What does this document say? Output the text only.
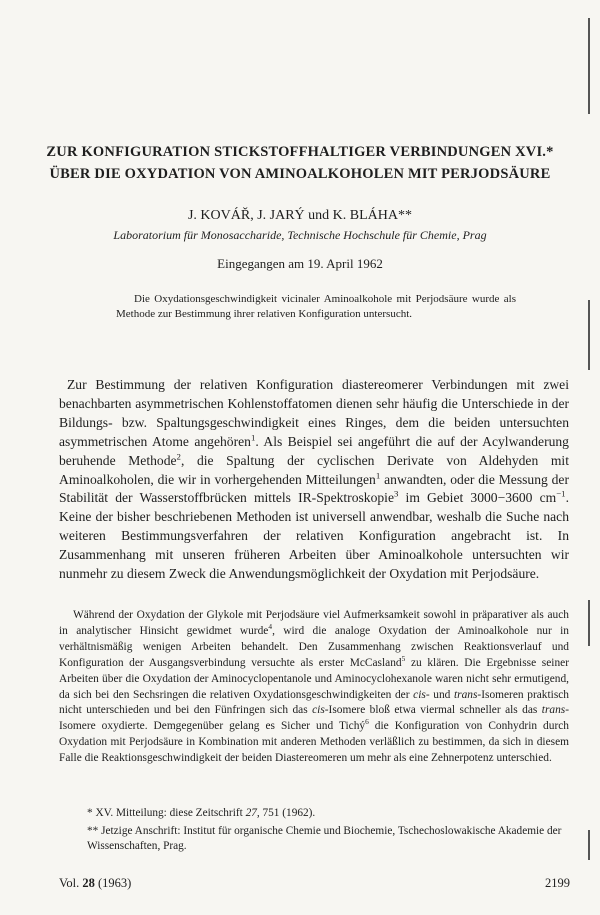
ZUR KONFIGURATION STICKSTOFFHALTIGER VERBINDUNGEN XVI.*
ÜBER DIE OXYDATION VON AMINOALKOHOLEN MIT PERJODSÄURE
J. KOVÁŘ, J. JARÝ und K. BLÁHA**
Laboratorium für Monosaccharide, Technische Hochschule für Chemie, Prag
Eingegangen am 19. April 1962
Die Oxydationsgeschwindigkeit vicinaler Aminoalkohole mit Perjodsäure wurde als Methode zur Bestimmung ihrer relativen Konfiguration untersucht.
Zur Bestimmung der relativen Konfiguration diastereomerer Verbindungen mit zwei benachbarten asymmetrischen Kohlenstoffatomen dienen sehr häufig die Unterschiede in der Bildungs- bzw. Spaltungsgeschwindigkeit eines Ringes, dem die beiden untersuchten asymmetrischen Atome angehören$^1$. Als Beispiel sei angeführt die auf der Acylwanderung beruhende Methode$^2$, die Spaltung der cyclischen Derivate von Aldehyden mit Aminoalkoholen, die wir in vorhergehenden Mitteilungen$^1$ anwandten, oder die Messung der Stabilität der Wasserstoffbrücken mittels IR-Spektroskopie$^3$ im Gebiet 3000−3600 $cm^{-1}$. Keine der bisher beschriebenen Methoden ist universell anwendbar, weshalb die Suche nach weiteren Bestimmungsverfahren der relativen Konfiguration angebracht ist. In Zusammenhang mit unseren früheren Arbeiten über Aminoalkohole untersuchten wir nunmehr zu diesem Zweck die Anwendungsmöglichkeit der Oxydation mit Perjodsäure.
Während der Oxydation der Glykole mit Perjodsäure viel Aufmerksamkeit sowohl in präparativer als auch in analytischer Hinsicht gewidmet wurde$^4$, wird die analoge Oxydation der Aminoalkohole nur in verhältnismäßig wenigen Arbeiten behandelt. Den Zusammenhang zwischen Reaktionsverlauf und Konfiguration der Ausgangsverbindung versuchte als erster McCasland$^5$ zu klären. Die Ergebnisse seiner Arbeiten über die Oxydation der Aminocyclopentanole und Aminocyclohexanole waren nicht sehr ermutigend, da sich bei den Sechsringen die relativen Oxydationsgeschwindigkeiten der cis- und trans-Isomeren praktisch nicht unterschieden und bei den Fünfringen sich das cis-Isomere bloß etwa viermal schneller als das trans-Isomere oxydierte. Demgegenüber gelang es Sicher und Tichý$^6$ die Konfiguration von Conhydrin durch Oxydation mit Perjodsäure in Kombination mit anderen Methoden verläßlich zu bestimmen, da sich in diesem Falle die Reaktionsgeschwindigkeit der beiden Diastereomeren um mehr als eine Zehnerpotenz unterschied.
* XV. Mitteilung: diese Zeitschrift 27, 751 (1962).
** Jetzige Anschrift: Institut für organische Chemie und Biochemie, Tschechoslowakische Akademie der Wissenschaften, Prag.
Vol. 28 (1963)	2199
